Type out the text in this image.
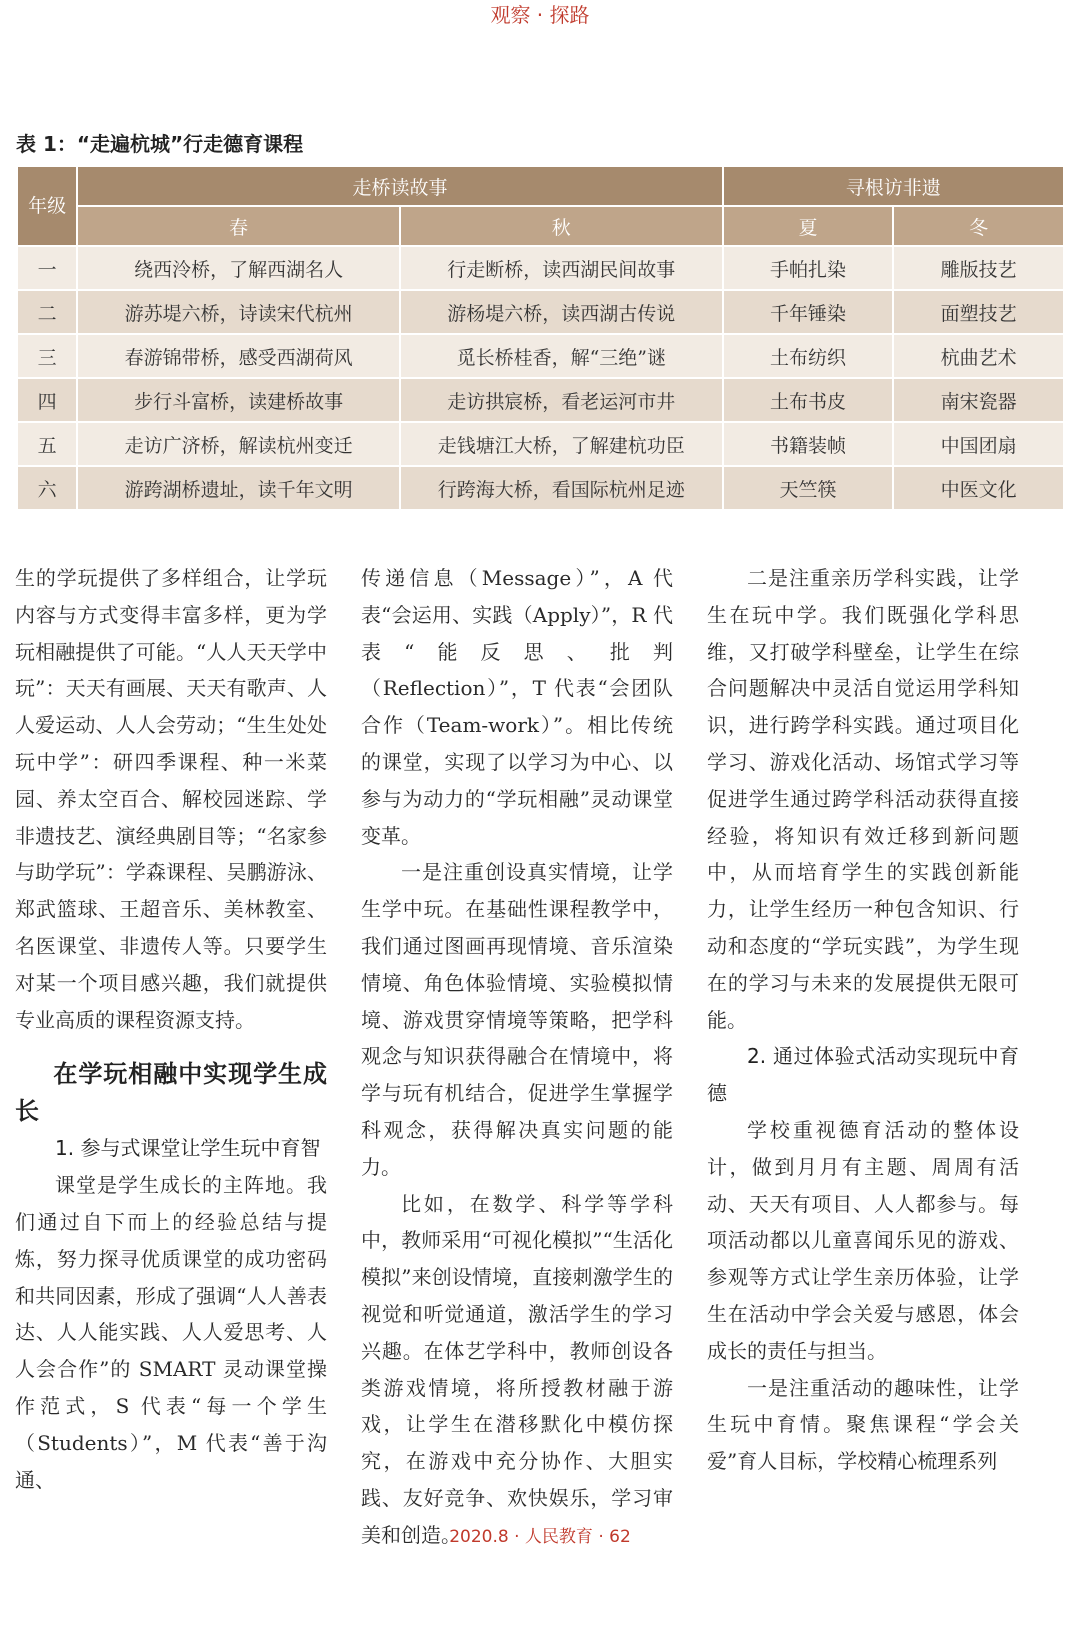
观察 · 探路
表 1：“走遍杭城”行走德育课程
年级	走桥读故事		寻根访非遗	
	春	秋	夏	冬
一	绕西泠桥，了解西湖名人	行走断桥，读西湖民间故事	手帕扎染	雕版技艺
二	游苏堤六桥，诗读宋代杭州	游杨堤六桥，读西湖古传说	千年锤染	面塑技艺
三	春游锦带桥，感受西湖荷风	觅长桥桂香，解“三绝”谜	土布纺织	杭曲艺术
四	步行斗富桥，读建桥故事	走访拱宸桥，看老运河市井	土布书皮	南宋瓷器
五	走访广济桥，解读杭州变迁	走钱塘江大桥，了解建杭功臣	书籍装帧	中国团扇
六	游跨湖桥遗址，读千年文明	行跨海大桥，看国际杭州足迹	天竺筷	中医文化

生的学玩提供了多样组合，让学玩内容与方式变得丰富多样，更为学玩相融提供了可能。“人人天天学中玩”：天天有画展、天天有歌声、人人爱运动、人人会劳动；“生生处处玩中学”：研四季课程、种一米菜园、养太空百合、解校园迷踪、学非遗技艺、演经典剧目等；“名家参与助学玩”：学森课程、吴鹏游泳、郑武篮球、王超音乐、美林教室、名医课堂、非遗传人等。只要学生对某一个项目感兴趣，我们就提供专业高质的课程资源支持。

在学玩相融中实现学生成长
1. 参与式课堂让学生玩中育智

课堂是学生成长的主阵地。我们通过自下而上的经验总结与提炼，努力探寻优质课堂的成功密码和共同因素，形成了强调“人人善表达、人人能实践、人人爱思考、人人会合作”的 SMART 灵动课堂操作范式，S 代表“每一个学生（Students）”，M 代表“善于沟通、

传递信息（Message）”，A 代表“会运用、实践（Apply）”，R 代表“能反思、批判（Reflection）”，T 代表“会团队合作（Team-work）”。相比传统的课堂，实现了以学习为中心、以参与为动力的“学玩相融”灵动课堂变革。

一是注重创设真实情境，让学生学中玩。在基础性课程教学中，我们通过图画再现情境、音乐渲染情境、角色体验情境、实验模拟情境、游戏贯穿情境等策略，把学科观念与知识获得融合在情境中，将学与玩有机结合，促进学生掌握学科观念，获得解决真实问题的能力。

比如，在数学、科学等学科中，教师采用“可视化模拟”“生活化模拟”来创设情境，直接刺激学生的视觉和听觉通道，激活学生的学习兴趣。在体艺学科中，教师创设各类游戏情境，将所授教材融于游戏，让学生在潜移默化中模仿探究，在游戏中充分协作、大胆实践、友好竞争、欢快娱乐，学习审美和创造。

二是注重亲历学科实践，让学生在玩中学。我们既强化学科思维，又打破学科壁垒，让学生在综合问题解决中灵活自觉运用学科知识，进行跨学科实践。通过项目化学习、游戏化活动、场馆式学习等促进学生通过跨学科活动获得直接经验，将知识有效迁移到新问题中，从而培育学生的实践创新能力，让学生经历一种包含知识、行动和态度的“学玩实践”，为学生现在的学习与未来的发展提供无限可能。

2. 通过体验式活动实现玩中育德

学校重视德育活动的整体设计，做到月月有主题、周周有活动、天天有项目、人人都参与。每项活动都以儿童喜闻乐见的游戏、参观等方式让学生亲历体验，让学生在活动中学会关爱与感恩，体会成长的责任与担当。

一是注重活动的趣味性，让学生玩中育情。聚焦课程“学会关爱”育人目标，学校精心梳理系列

2020.8 · 人民教育 · 62
